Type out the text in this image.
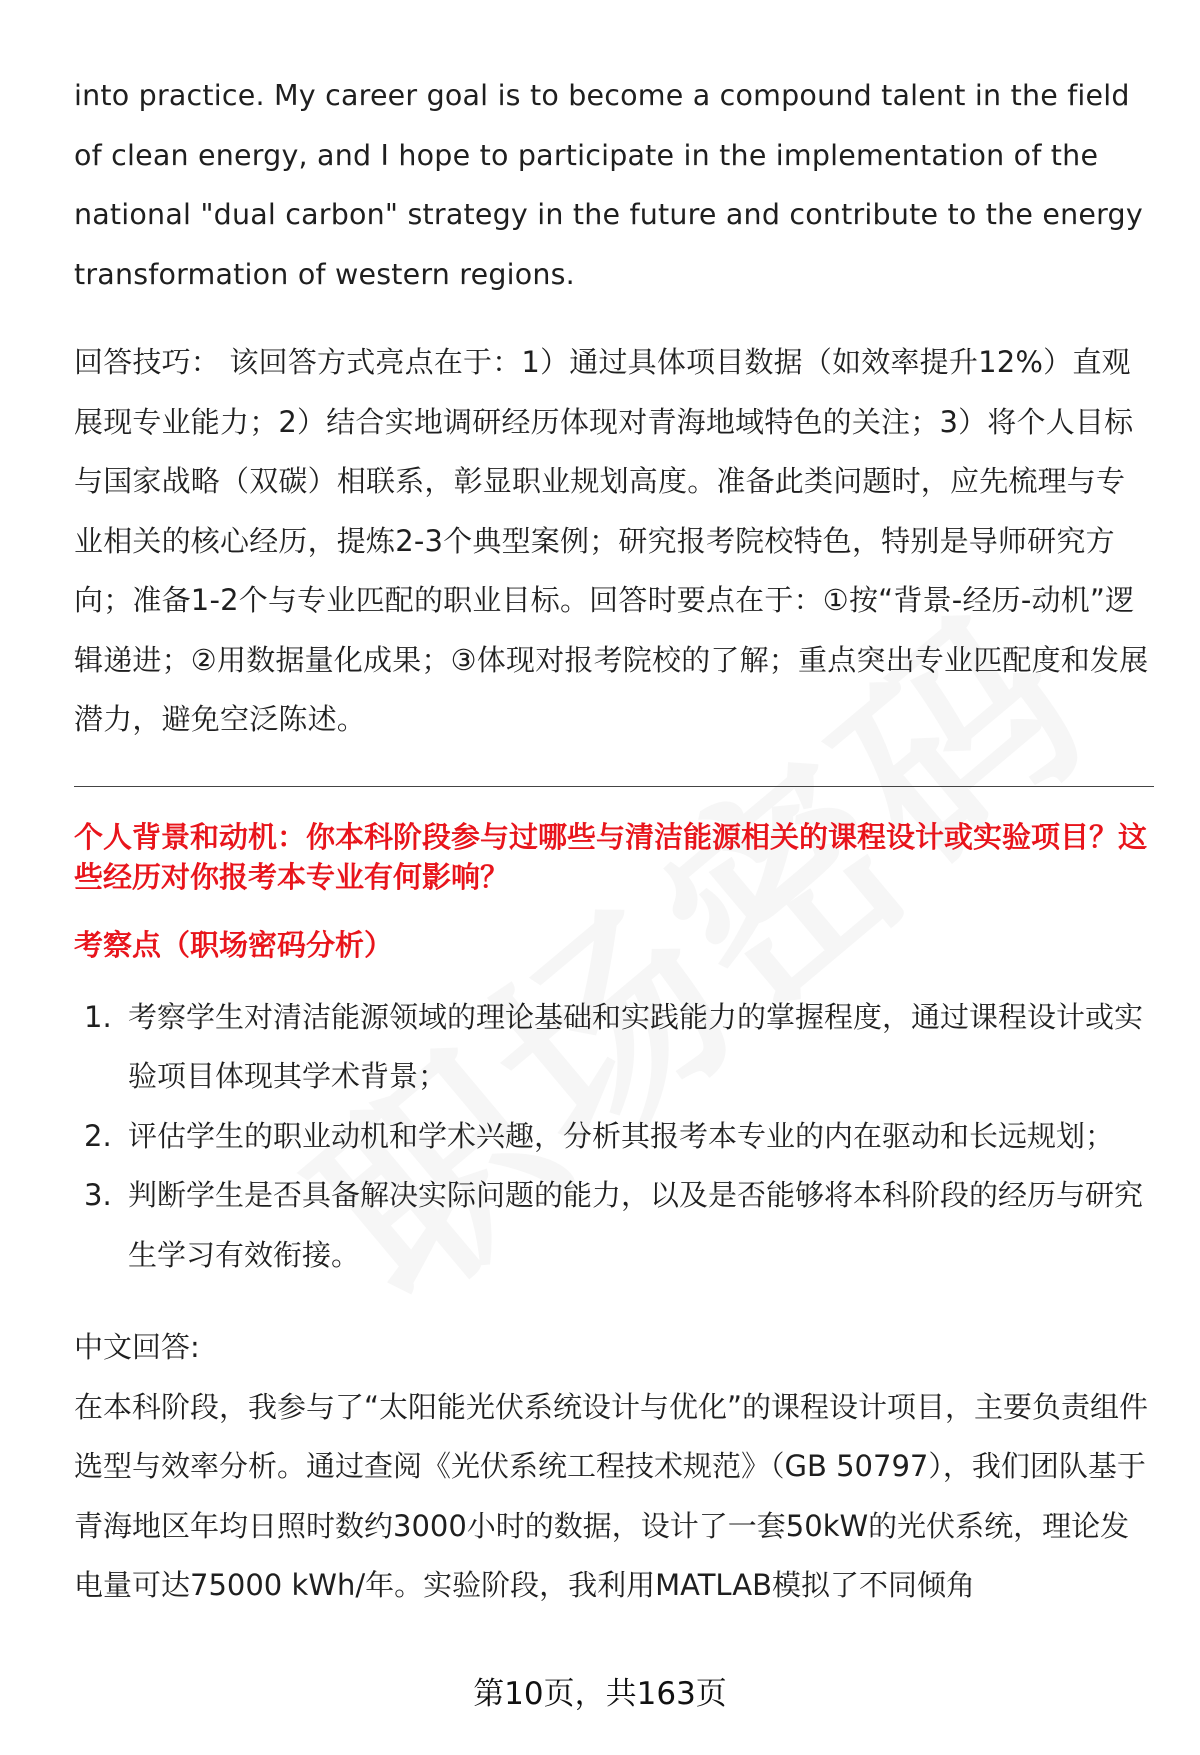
into practice. My career goal is to become a compound talent in the field of clean energy, and I hope to participate in the implementation of the national "dual carbon" strategy in the future and contribute to the energy transformation of western regions.

回答技巧： 该回答方式亮点在于：1）通过具体项目数据（如效率提升12%）直观展现专业能力；2）结合实地调研经历体现对青海地域特色的关注；3）将个人目标与国家战略（双碳）相联系，彰显职业规划高度。准备此类问题时，应先梳理与专业相关的核心经历，提炼2-3个典型案例；研究报考院校特色，特别是导师研究方向；准备1-2个与专业匹配的职业目标。回答时要点在于：①按“背景-经历-动机”逻辑递进；②用数据量化成果；③体现对报考院校的了解；重点突出专业匹配度和发展潜力，避免空泛陈述。

个人背景和动机：你本科阶段参与过哪些与清洁能源相关的课程设计或实验项目？这些经历对你报考本专业有何影响？

考察点（职场密码分析）

1. 考察学生对清洁能源领域的理论基础和实践能力的掌握程度，通过课程设计或实验项目体现其学术背景；
2. 评估学生的职业动机和学术兴趣，分析其报考本专业的内在驱动和长远规划；
3. 判断学生是否具备解决实际问题的能力，以及是否能够将本科阶段的经历与研究生学习有效衔接。

中文回答:

在本科阶段，我参与了“太阳能光伏系统设计与优化”的课程设计项目，主要负责组件选型与效率分析。通过查阅《光伏系统工程技术规范》（GB 50797），我们团队基于青海地区年均日照时数约3000小时的数据，设计了一套50kW的光伏系统，理论发电量可达75000 kWh/年。实验阶段，我利用MATLAB模拟了不同倾角

第10页，共163页
